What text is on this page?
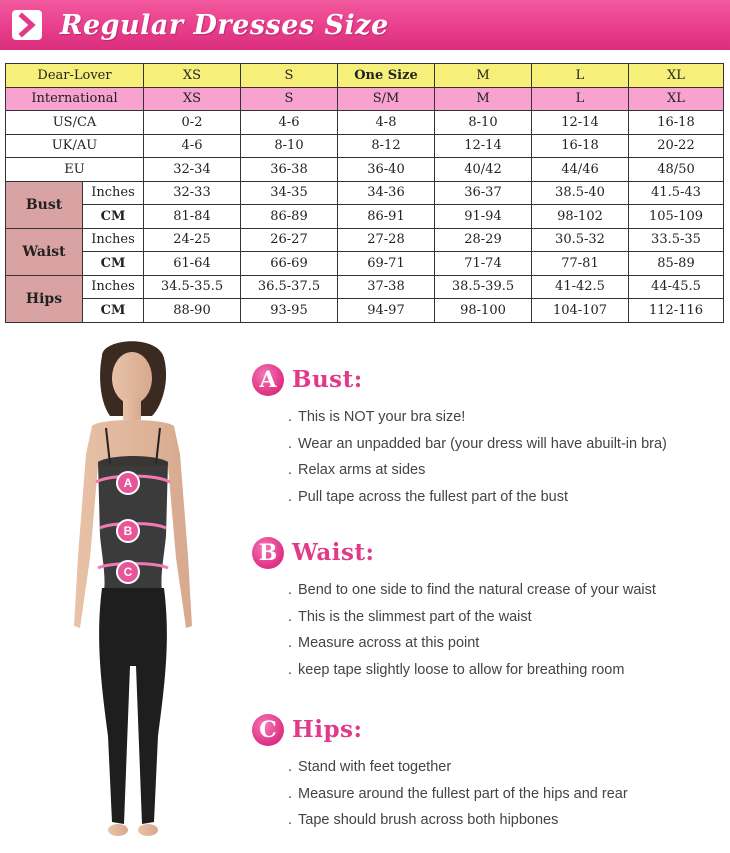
Regular Dresses Size
Dear-Lover		XS	S	One Size	M	L	XL
International		XS	S	S/M	M	L	XL
US/CA		0-2	4-6	4-8	8-10	12-14	16-18
UK/AU		4-6	8-10	8-12	12-14	16-18	20-22
EU		32-34	36-38	36-40	40/42	44/46	48/50
Bust	Inches	32-33	34-35	34-36	36-37	38.5-40	41.5-43
	CM	81-84	86-89	86-91	91-94	98-102	105-109
Waist	Inches	24-25	26-27	27-28	28-29	30.5-32	33.5-35
	CM	61-64	66-69	69-71	71-74	77-81	85-89
Hips	Inches	34.5-35.5	36.5-37.5	37-38	38.5-39.5	41-42.5	44-45.5
	CM	88-90	93-95	94-97	98-100	104-107	112-116
A
B
C
A Bust:
. This is NOT your bra size!
. Wear an unpadded bar (your dress will have abuilt-in bra)
. Relax arms at sides
. Pull tape across the fullest part of the bust
B Waist:
. Bend to one side to find the natural crease of your waist
. This is the slimmest part of the waist
. Measure across at this point
. keep tape slightly loose to allow for breathing room
C Hips:
. Stand with feet together
. Measure around the fullest part of the hips and rear
. Tape should brush across both hipbones
